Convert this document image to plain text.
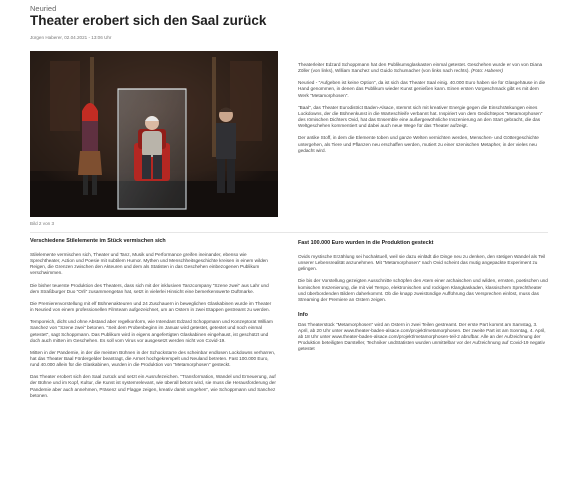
Neuried
Theater erobert sich den Saal zurück
Jürgen Haberer, 02.04.2021 - 13:06 Uhr
Bild 2 von 3

Theaterleiter Edzard Schoppmann hat den Publikumsglaskasten einmal getestet. Geschehen wurde er von von Diana Zöller (von links), William Sanchez und Guido Schumacher (von links nach rechts). (Foto: Haberer)

Neuried - "Aufgeben ist keine Option", da ist sich das Theater Saal einig. 40.000 Euro haben sie für Glasgehäuse in die Hand genommen, in denen das Publikum wieder Kunst genießen kann. Einen ersten Vorgeschmack gibt es mit dem Werk "Metamorphosen".

"Baal", das Theater Eurodistrict Baden-Alsace, stemmt sich mit kreativer Energie gegen die Einschränkungen eines Lockdowns, der die Bühnenkunst in die Warteschleife verbannt hat. Inspiriert von dem Gedichtepos "Metamorphosen" des römischen Dichters Ovid, hat das Ensemble eine außergewöhnliche Inszenierung an den Start gebracht, die das Weltgeschehen kommentiert und dabei auch neue Wege für das Theater aufzeigt.

Der antike Stoff, in dem die Elemente toben und ganze Welten vernichten werden, Menschen- und Göttergeschichte untergehen, als Tiere und Pflanzen neu erschaffen werden, mutiert zu einer szenischen Metapher, in der vieles neu gedacht wird.

Verschiedene Stilelemente im Stück vermischen sich

Stilelemente vermischen sich, Theater und Tanz, Musik und Performance greifen ineinander, ebenso wie Sprechtheater, Action und Poesie mit subtilem Humor. Mythen und Menschheitsgeschichte kreisen in einem wilden Reigen, die Grenzen zwischen den Akteuren und dem als Statisten in das Geschehen einbezogenen Publikum verschwimmen.

Die bisher teuerste Produktion des Theaters, dass sich mit der inklusiven Tanzcompany "Szene zwei" aus Lahr und dem Straßburger Duo "Orli" zusammengetan hat, setzt in vielerlei Hinsicht eine bemerkenswerte Duftmarke.

Die Premierenvorstellung mit elf Bühnenakteuren und 24 Zuschauern in beweglichen Glaskabinen wurde im Theater in Neuried von einem professionellen Filmteam aufgezeichnet, um an Ostern in zwei Etappen gestreamt zu werden.

Temporeich, dicht und ohne Abstand aber regelkonform, wie Intendant Edzard Schoppmann und Konzeptorat William Sanchez von "Szene zwei" betonen. "Seit dem Probenbeginn im Januar wird getestet, getestet und noch einmal getestet", sagt Schoppmann. Das Publikum wird in eigens angefertigten Glaskabinen eingehaust, ist geschützt und doch auch mitten im Geschehen. Es soll vom Virus vor ausgesetzt werden nicht von Covid-19.

Mitten in der Pandemie, in der die meisten Bühnen in der Schockstarre des scheinbar endlosen Lockdowns verharren, hat das Theater Baal Fördergelder beantragt, die Armet hochgekrempelt und Neuland betreten. Fast 100.000 Euro, rund 40.000 allein für die Glaskabinen, wurden in die Produktion von "Metamorphosen" gesteckt.

Das Theater erobert sich den Saal zurück und setzt ein Ausrufezeichen. "Transformation, Wandel und Erneuerung, auf der Bühne und im Kopf, Kultur, die Kunst ist systemrelevant, wie überall betont wird, sie muss die Herausforderung der Pandemie aber auch annehmen, Präsenz und Flagge zeigen, kreativ damit umgehen", wie Schoppmann und Sanchez betonen.

Fast 100.000 Euro wurden in die Produktion gesteckt

Ovids mystische Erzählung sei hochaktuell, weil sie dazu einlädt die Dinge neu zu denken, den stetigen Wandel als Teil unserer Lebensrealität anzunehmen. Mit "Metamorphosen" nach Ovid scheint das mutig angepackte Experiment zu gelingen.

Die bis der Vorstellung gezeigten Ausschnitte schöpfen den Atem einer archaischen und wilden, ernsten, poetischen und komischen Inszenierung, die mit viel Tempo, elektronischen und rockigen Klangkaskaden, klassischem Sprechtheater und überbordenden Bildern daherkommt. Ob die knapp zweistündige Aufführung das Versprechen einlöst, muss das Streaming der Premiere an Ostern zeigen.

Info

Das Theaterstück "Metamorphosen" wird an Ostern in zwei Teilen gestreamt. Der erste Part kommt am Samstag, 3. April, ab 20 Uhr unter www.theater-baden-alsace.com/projekt/metamorphosen. Der zweite Part ist am Sonntag, 4. April, ab 18 Uhr unter www.theater-baden-alsace.com/projekt/metamorphosen-teil-2 abrufbar. Alle an der Aufzeichnung der Produktion beteiligten Darsteller, Techniker undStatisten wurden unmittelbar vor der Aufzeichnung auf Covid-19 negativ getestet
